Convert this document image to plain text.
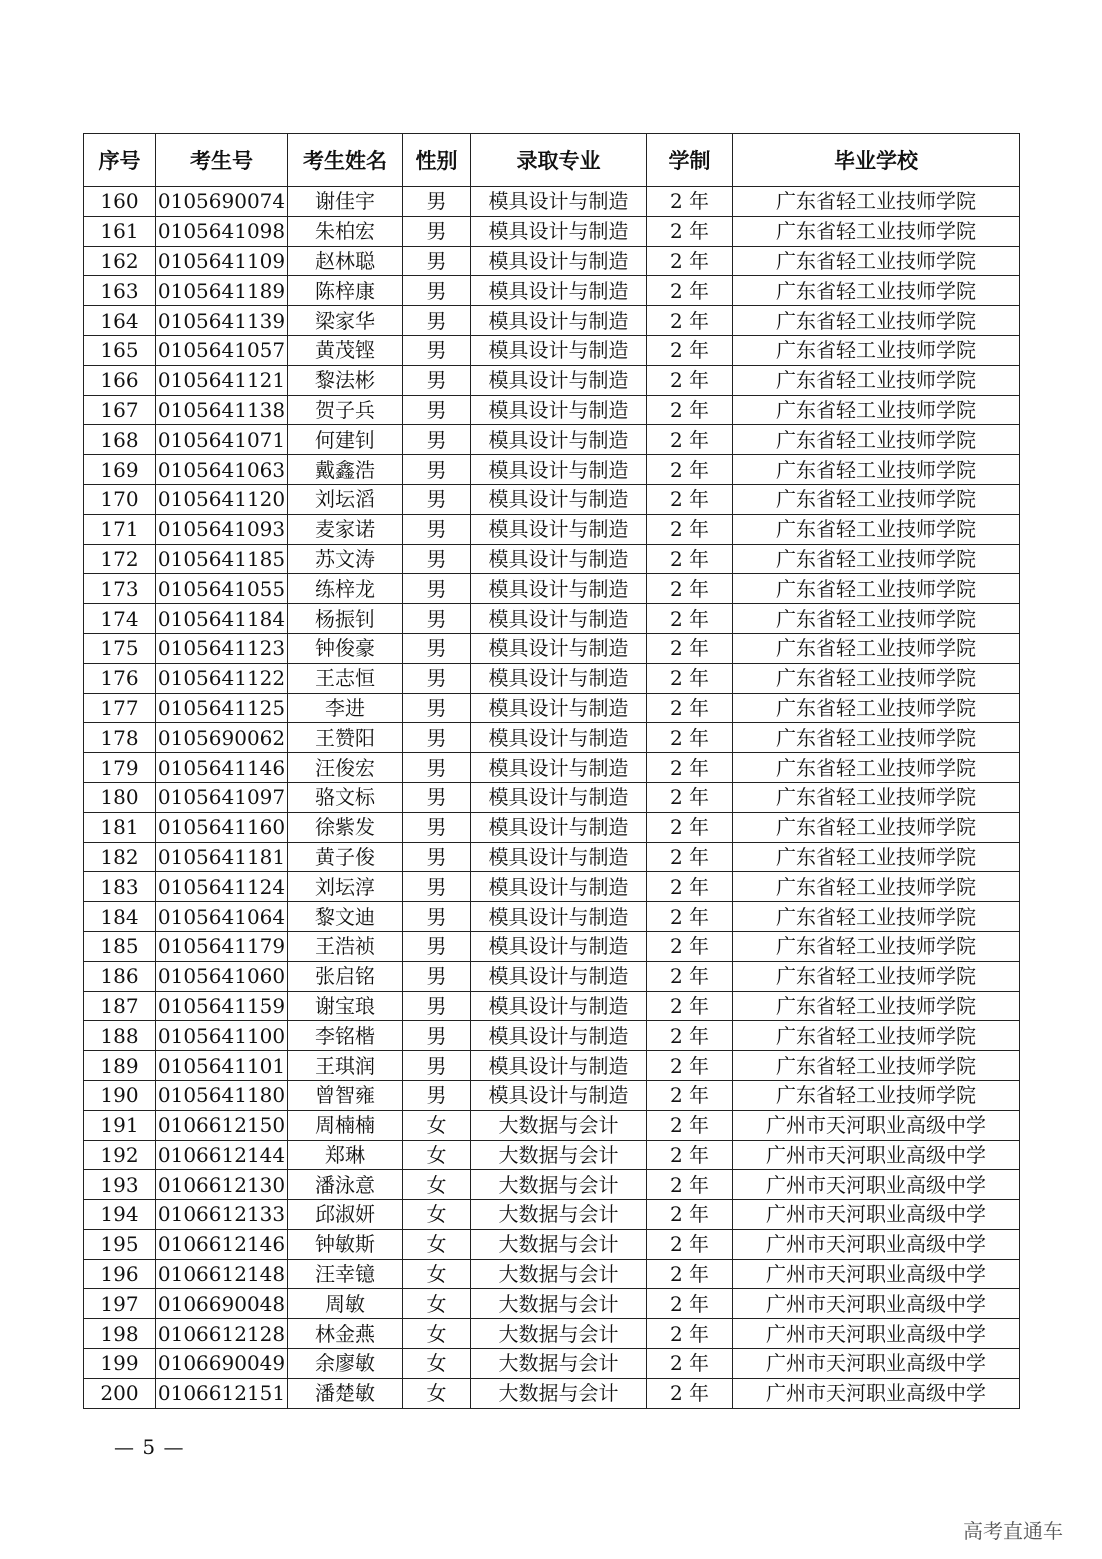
序号	考生号	考生姓名	性别	录取专业	学制	毕业学校
160	0105690074	谢佳宇	男	模具设计与制造	2 年	广东省轻工业技师学院
161	0105641098	朱柏宏	男	模具设计与制造	2 年	广东省轻工业技师学院
162	0105641109	赵林聪	男	模具设计与制造	2 年	广东省轻工业技师学院
163	0105641189	陈梓康	男	模具设计与制造	2 年	广东省轻工业技师学院
164	0105641139	梁家华	男	模具设计与制造	2 年	广东省轻工业技师学院
165	0105641057	黄茂铿	男	模具设计与制造	2 年	广东省轻工业技师学院
166	0105641121	黎法彬	男	模具设计与制造	2 年	广东省轻工业技师学院
167	0105641138	贺子兵	男	模具设计与制造	2 年	广东省轻工业技师学院
168	0105641071	何建钊	男	模具设计与制造	2 年	广东省轻工业技师学院
169	0105641063	戴鑫浩	男	模具设计与制造	2 年	广东省轻工业技师学院
170	0105641120	刘坛滔	男	模具设计与制造	2 年	广东省轻工业技师学院
171	0105641093	麦家诺	男	模具设计与制造	2 年	广东省轻工业技师学院
172	0105641185	苏文涛	男	模具设计与制造	2 年	广东省轻工业技师学院
173	0105641055	练梓龙	男	模具设计与制造	2 年	广东省轻工业技师学院
174	0105641184	杨振钊	男	模具设计与制造	2 年	广东省轻工业技师学院
175	0105641123	钟俊豪	男	模具设计与制造	2 年	广东省轻工业技师学院
176	0105641122	王志恒	男	模具设计与制造	2 年	广东省轻工业技师学院
177	0105641125	李进	男	模具设计与制造	2 年	广东省轻工业技师学院
178	0105690062	王赞阳	男	模具设计与制造	2 年	广东省轻工业技师学院
179	0105641146	汪俊宏	男	模具设计与制造	2 年	广东省轻工业技师学院
180	0105641097	骆文标	男	模具设计与制造	2 年	广东省轻工业技师学院
181	0105641160	徐紫发	男	模具设计与制造	2 年	广东省轻工业技师学院
182	0105641181	黄子俊	男	模具设计与制造	2 年	广东省轻工业技师学院
183	0105641124	刘坛淳	男	模具设计与制造	2 年	广东省轻工业技师学院
184	0105641064	黎文迪	男	模具设计与制造	2 年	广东省轻工业技师学院
185	0105641179	王浩祯	男	模具设计与制造	2 年	广东省轻工业技师学院
186	0105641060	张启铭	男	模具设计与制造	2 年	广东省轻工业技师学院
187	0105641159	谢宝琅	男	模具设计与制造	2 年	广东省轻工业技师学院
188	0105641100	李铭楷	男	模具设计与制造	2 年	广东省轻工业技师学院
189	0105641101	王琪润	男	模具设计与制造	2 年	广东省轻工业技师学院
190	0105641180	曾智雍	男	模具设计与制造	2 年	广东省轻工业技师学院
191	0106612150	周楠楠	女	大数据与会计	2 年	广州市天河职业高级中学
192	0106612144	郑琳	女	大数据与会计	2 年	广州市天河职业高级中学
193	0106612130	潘泳意	女	大数据与会计	2 年	广州市天河职业高级中学
194	0106612133	邱淑妍	女	大数据与会计	2 年	广州市天河职业高级中学
195	0106612146	钟敏斯	女	大数据与会计	2 年	广州市天河职业高级中学
196	0106612148	汪幸镱	女	大数据与会计	2 年	广州市天河职业高级中学
197	0106690048	周敏	女	大数据与会计	2 年	广州市天河职业高级中学
198	0106612128	林金燕	女	大数据与会计	2 年	广州市天河职业高级中学
199	0106690049	余廖敏	女	大数据与会计	2 年	广州市天河职业高级中学
200	0106612151	潘楚敏	女	大数据与会计	2 年	广州市天河职业高级中学
— 5 —
高考直通车
